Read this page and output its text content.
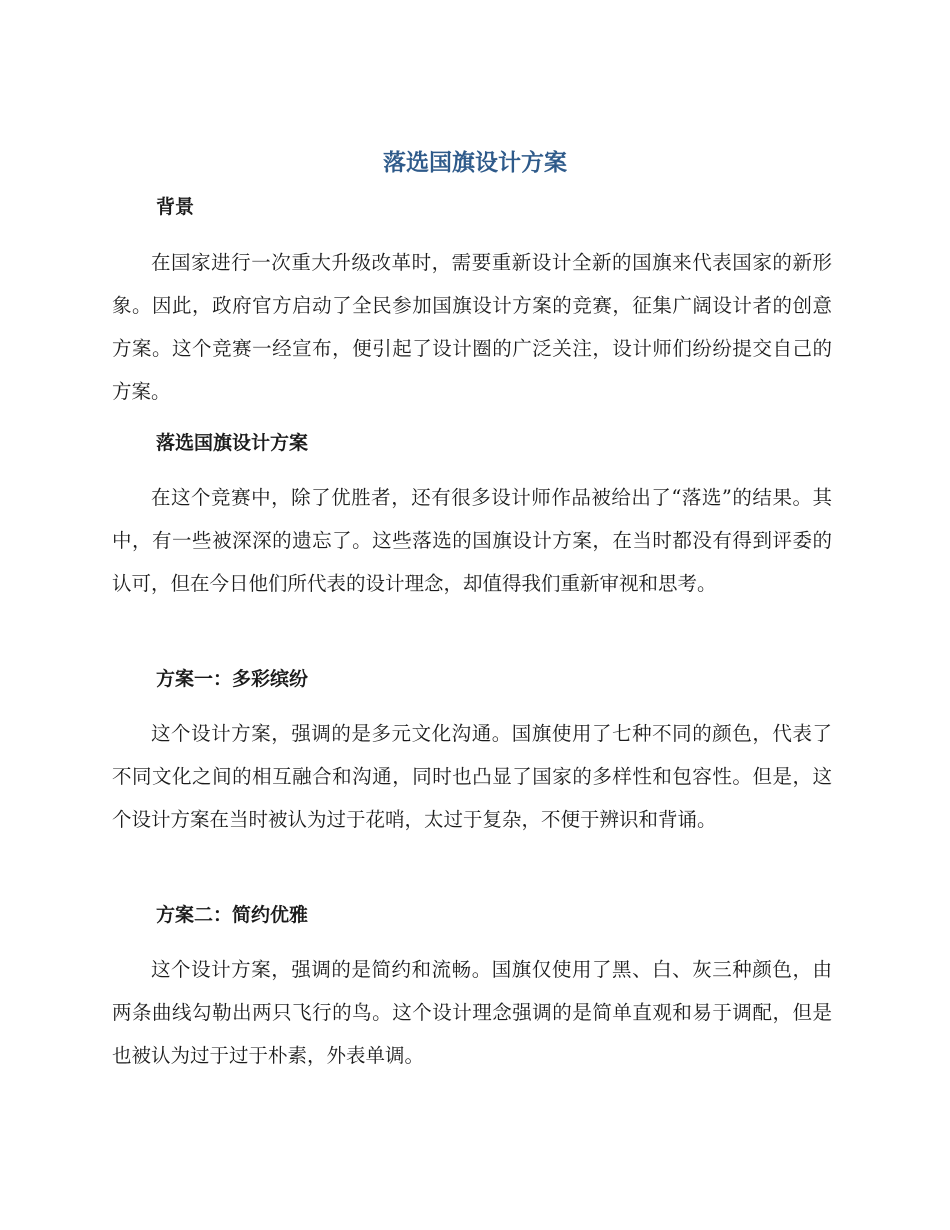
落选国旗设计方案
背景
在国家进行一次重大升级改革时，需要重新设计全新的国旗来代表国家的新形象。因此，政府官方启动了全民参加国旗设计方案的竞赛，征集广阔设计者的创意方案。这个竞赛一经宣布，便引起了设计圈的广泛关注，设计师们纷纷提交自己的方案。
落选国旗设计方案
在这个竞赛中，除了优胜者，还有很多设计师作品被给出了“落选”的结果。其中，有一些被深深的遗忘了。这些落选的国旗设计方案，在当时都没有得到评委的认可，但在今日他们所代表的设计理念，却值得我们重新审视和思考。
方案一：多彩缤纷
这个设计方案，强调的是多元文化沟通。国旗使用了七种不同的颜色，代表了不同文化之间的相互融合和沟通，同时也凸显了国家的多样性和包容性。但是，这个设计方案在当时被认为过于花哨，太过于复杂，不便于辨识和背诵。
方案二：简约优雅
这个设计方案，强调的是简约和流畅。国旗仅使用了黑、白、灰三种颜色，由两条曲线勾勒出两只飞行的鸟。这个设计理念强调的是简单直观和易于调配，但是也被认为过于过于朴素，外表单调。
